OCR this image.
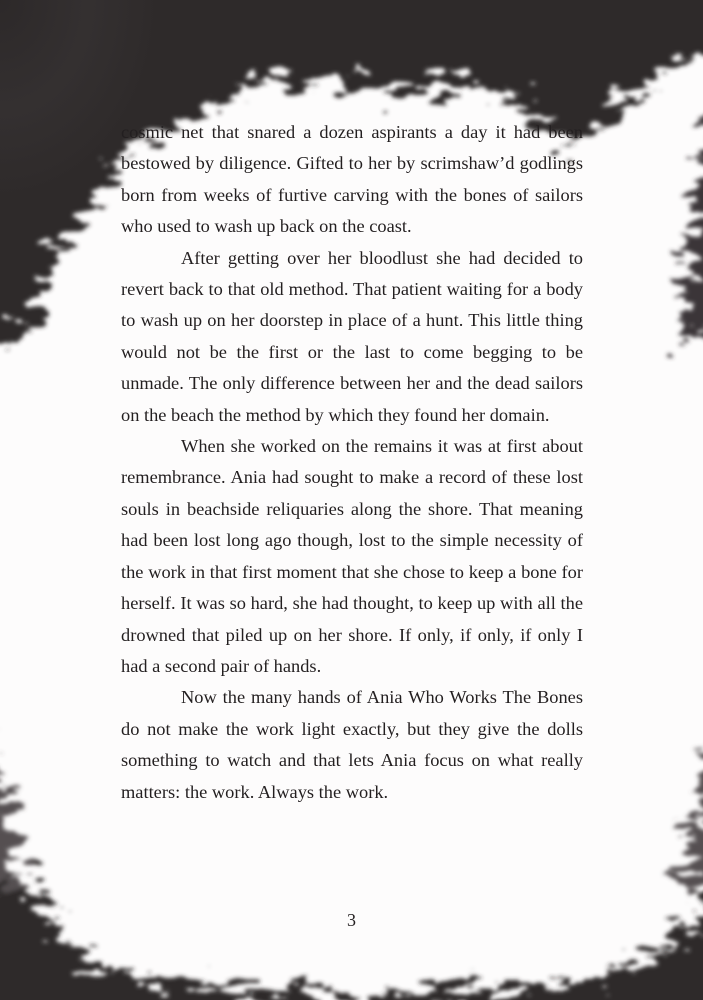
cosmic net that snared a dozen aspirants a day it had been bestowed by diligence. Gifted to her by scrimshaw’d godlings born from weeks of furtive carving with the bones of sailors who used to wash up back on the coast.

After getting over her bloodlust she had decided to revert back to that old method. That patient waiting for a body to wash up on her doorstep in place of a hunt. This little thing would not be the first or the last to come begging to be unmade. The only difference between her and the dead sailors on the beach the method by which they found her domain.

When she worked on the remains it was at first about remembrance. Ania had sought to make a record of these lost souls in beachside reliquaries along the shore. That meaning had been lost long ago though, lost to the simple necessity of the work in that first moment that she chose to keep a bone for herself. It was so hard, she had thought, to keep up with all the drowned that piled up on her shore. If only, if only, if only I had a second pair of hands.

Now the many hands of Ania Who Works The Bones do not make the work light exactly, but they give the dolls something to watch and that lets Ania focus on what really matters: the work. Always the work.

3
